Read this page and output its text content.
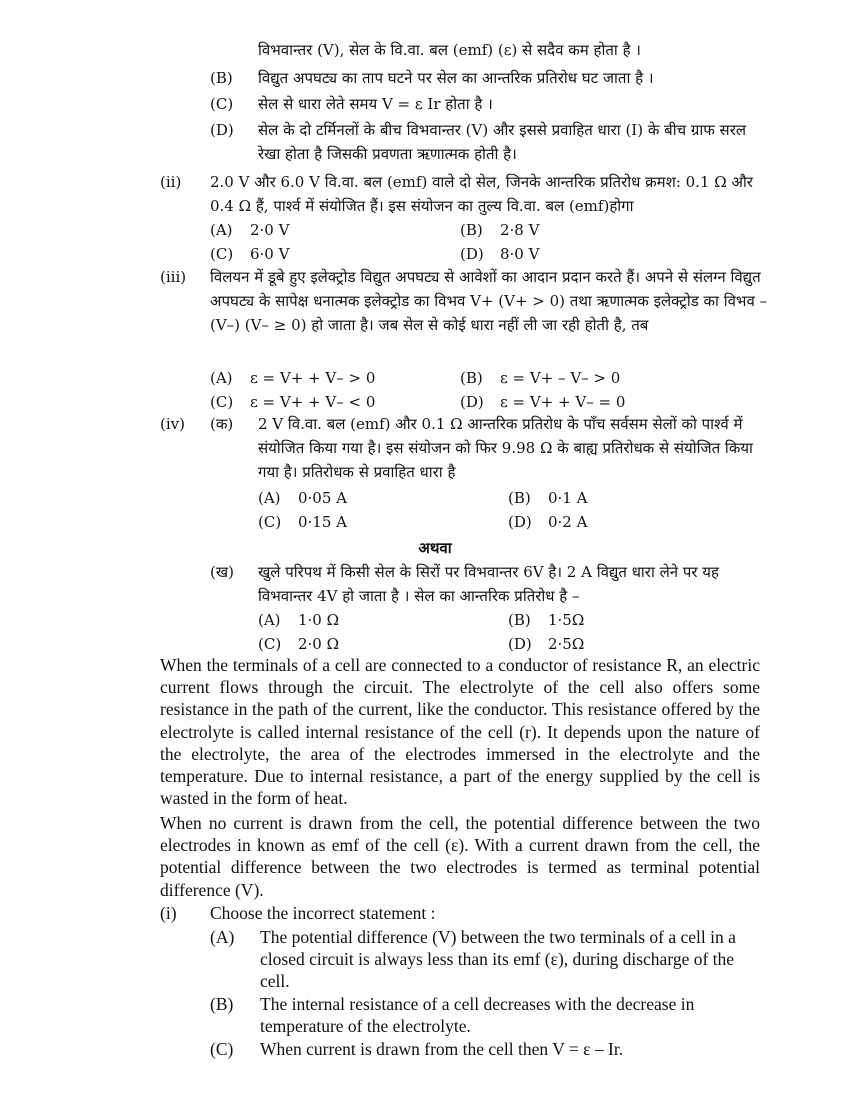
विभवान्तर (V), सेल के वि.वा. बल (emf) (ε) से सदैव कम होता है ।
(B)	विद्युत अपघट्य का ताप घटने पर सेल का आन्तरिक प्रतिरोध घट जाता है ।
(C)	सेल से धारा लेते समय V = ε Ir होता है ।
(D)	सेल के दो टर्मिनलों के बीच विभवान्तर (V) और इससे प्रवाहित धारा (I) के बीच ग्राफ सरल रेखा होता है जिसकी प्रवणता ऋणात्मक होती है।
(ii)	2.0 V और 6.0 V वि.वा. बल (emf) वाले दो सेल, जिनके आन्तरिक प्रतिरोध क्रमश: 0.1 Ω और 0.4 Ω हैं, पार्श्व में संयोजित हैं। इस संयोजन का तुल्य वि.वा. बल (emf)होगा
(A)	2·0 V	(B)	2·8 V
(C)	6·0 V	(D)	8·0 V
(iii)	विलयन में डूबे हुए इलेक्ट्रोड विद्युत अपघट्य से आवेशों का आदान प्रदान करते हैं। अपने से संलग्न विद्युत अपघट्य के सापेक्ष धनात्मक इलेक्ट्रोड का विभव V+ (V+ > 0) तथा ऋणात्मक इलेक्ट्रोड का विभव – (V–) (V– ≥ 0) हो जाता है। जब सेल से कोई धारा नहीं ली जा रही होती है, तब
(A)	ε = V+ + V– > 0	(B)	ε = V+ – V– > 0
(C)	ε = V+ + V– < 0	(D)	ε = V+ + V– = 0
(iv)	(क)	2 V वि.वा. बल (emf) और 0.1 Ω आन्तरिक प्रतिरोध के पाँच सर्वसम सेलों को पार्श्व में संयोजित किया गया है। इस संयोजन को फिर 9.98 Ω के बाह्य प्रतिरोधक से संयोजित किया गया है। प्रतिरोधक से प्रवाहित धारा है
(A)	0·05 A	(B)	0·1 A
(C)	0·15 A	(D)	0·2 A
अथवा
(ख)	खुले परिपथ में किसी सेल के सिरों पर विभवान्तर 6V है। 2 A विद्युत धारा लेने पर यह विभवान्तर 4V हो जाता है । सेल का आन्तरिक प्रतिरोध है –
(A)	1·0 Ω	(B)	1·5Ω
(C)	2·0 Ω	(D)	2·5Ω
When the terminals of a cell are connected to a conductor of resistance R, an electric current flows through the circuit. The electrolyte of the cell also offers some resistance in the path of the current, like the conductor. This resistance offered by the electrolyte is called internal resistance of the cell (r). It depends upon the nature of the electrolyte, the area of the electrodes immersed in the electrolyte and the temperature. Due to internal resistance, a part of the energy supplied by the cell is wasted in the form of heat.
When no current is drawn from the cell, the potential difference between the two electrodes in known as emf of the cell (ε). With a current drawn from the cell, the potential difference between the two electrodes is termed as terminal potential difference (V).
(i)	Choose the incorrect statement :
(A)	The potential difference (V) between the two terminals of a cell in a closed circuit is always less than its emf (ε), during discharge of the cell.
(B)	The internal resistance of a cell decreases with the decrease in temperature of the electrolyte.
(C)	When current is drawn from the cell then V = ε – Ir.
